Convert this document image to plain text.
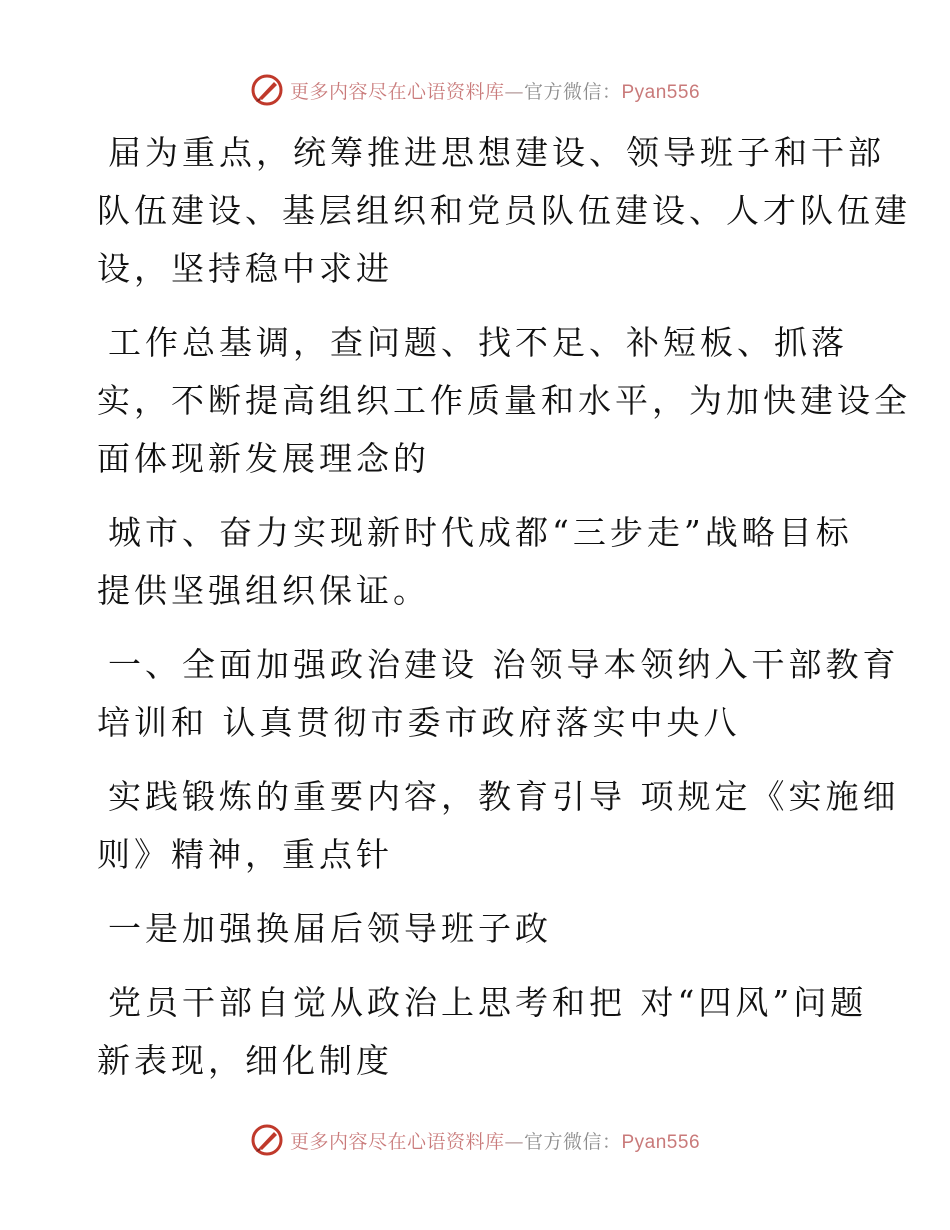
更多内容尽在心语资料库—官方微信：Pyan556

届为重点，统筹推进思想建设、领导班子和干部
队伍建设、基层组织和党员队伍建设、人才队伍建
设，坚持稳中求进

工作总基调，查问题、找不足、补短板、抓落
实，不断提高组织工作质量和水平，为加快建设全
面体现新发展理念的

城市、奋力实现新时代成都“三步走”战略目标
提供坚强组织保证。

一、全面加强政治建设 治领导本领纳入干部教育
培训和 认真贯彻市委市政府落实中央八

实践锻炼的重要内容，教育引导 项规定《实施细
则》精神，重点针

一是加强换届后领导班子政

党员干部自觉从政治上思考和把 对“四风”问题
新表现，细化制度

更多内容尽在心语资料库—官方微信：Pyan556
